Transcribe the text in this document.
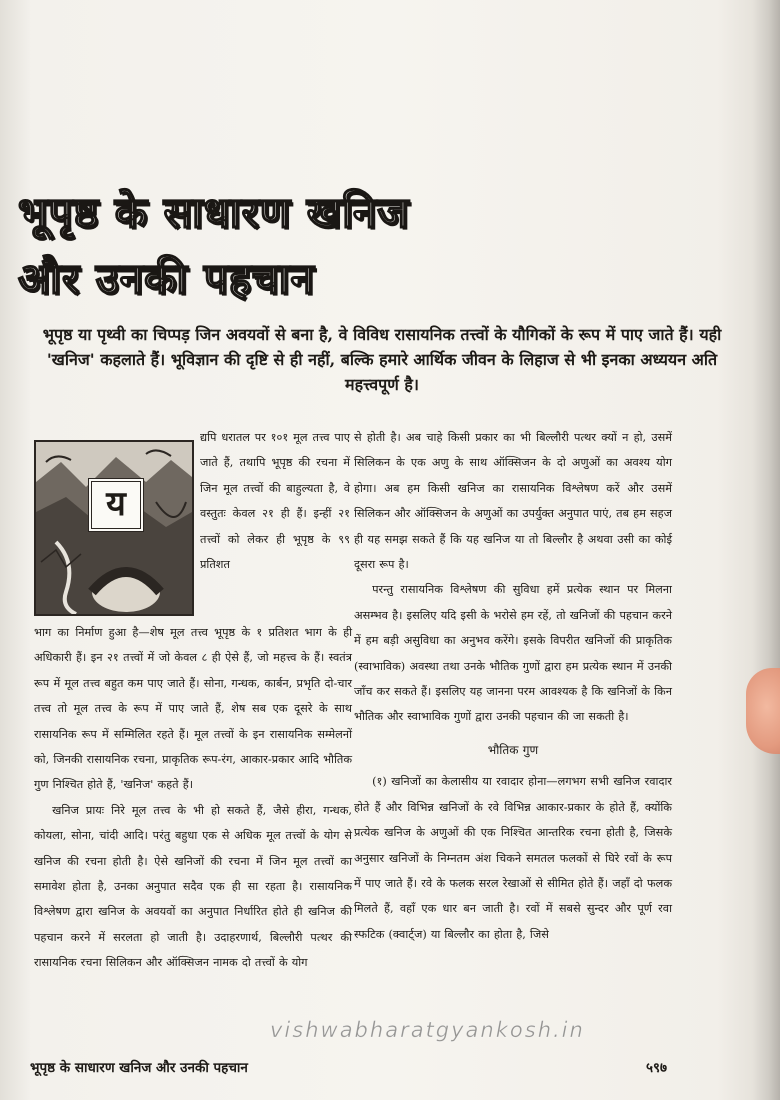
भूपृष्ठ के साधारण खनिज
और उनकी पहचान
भूपृष्ठ या पृथ्वी का चिप्पड़ जिन अवयवों से बना है, वे विविध रासायनिक तत्त्वों के यौगिकों के रूप में पाए जाते हैं। यही 'खनिज' कहलाते हैं। भूविज्ञान की दृष्टि से ही नहीं, बल्कि हमारे आर्थिक जीवन के लिहाज से भी इनका अध्ययन अति महत्त्वपूर्ण है।
य

द्यपि धरातल पर १०१ मूल तत्त्व पाए जाते हैं, तथापि भूपृष्ठ की रचना में जिन मूल तत्त्वों की बाहुल्यता है, वे वस्तुतः केवल २१ ही हैं। इन्हीं २१ तत्त्वों को लेकर ही भूपृष्ठ के ९९ प्रतिशत

भाग का निर्माण हुआ है—शेष मूल तत्त्व भूपृष्ठ के १ प्रतिशत भाग के ही अधिकारी हैं। इन २१ तत्त्वों में जो केवल ८ ही ऐसे हैं, जो महत्त्व के हैं। स्वतंत्र रूप में मूल तत्त्व बहुत कम पाए जाते हैं। सोना, गन्धक, कार्बन, प्रभृति दो-चार तत्त्व तो मूल तत्त्व के रूप में पाए जाते हैं, शेष सब एक दूसरे के साथ रासायनिक रूप में सम्मिलित रहते हैं। मूल तत्त्वों के इन रासायनिक सम्मेलनों को, जिनकी रासायनिक रचना, प्राकृतिक रूप-रंग, आकार-प्रकार आदि भौतिक गुण निश्चित होते हैं, 'खनिज' कहते हैं।

खनिज प्रायः निरे मूल तत्त्व के भी हो सकते हैं, जैसे हीरा, गन्धक, कोयला, सोना, चांदी आदि। परंतु बहुधा एक से अधिक मूल तत्त्वों के योग से खनिज की रचना होती है। ऐसे खनिजों की रचना में जिन मूल तत्त्वों का समावेश होता है, उनका अनुपात सदैव एक ही सा रहता है। रासायनिक विश्लेषण द्वारा खनिज के अवयवों का अनुपात निर्धारित होते ही खनिज की पहचान करने में सरलता हो जाती है। उदाहरणार्थ, बिल्लौरी पत्थर की रासायनिक रचना सिलिकन और ऑक्सिजन नामक दो तत्त्वों के योग

से होती है। अब चाहे किसी प्रकार का भी बिल्लौरी पत्थर क्यों न हो, उसमें सिलिकन के एक अणु के साथ ऑक्सिजन के दो अणुओं का अवश्य योग होगा। अब हम किसी खनिज का रासायनिक विश्लेषण करें और उसमें सिलिकन और ऑक्सिजन के अणुओं का उपर्युक्त अनुपात पाएं, तब हम सहज ही यह समझ सकते हैं कि यह खनिज या तो बिल्लौर है अथवा उसी का कोई दूसरा रूप है।

परन्तु रासायनिक विश्लेषण की सुविधा हमें प्रत्येक स्थान पर मिलना असम्भव है। इसलिए यदि इसी के भरोसे हम रहें, तो खनिजों की पहचान करने में हम बड़ी असुविधा का अनुभव करेंगे। इसके विपरीत खनिजों की प्राकृतिक (स्वाभाविक) अवस्था तथा उनके भौतिक गुणों द्वारा हम प्रत्येक स्थान में उनकी जाँच कर सकते हैं। इसलिए यह जानना परम आवश्यक है कि खनिजों के किन भौतिक और स्वाभाविक गुणों द्वारा उनकी पहचान की जा सकती है।

भौतिक गुण

(१) खनिजों का केलासीय या रवादार होना—लगभग सभी खनिज रवादार होते हैं और विभिन्न खनिजों के रवे विभिन्न आकार-प्रकार के होते हैं, क्योंकि प्रत्येक खनिज के अणुओं की एक निश्चित आन्तरिक रचना होती है, जिसके अनुसार खनिजों के निम्नतम अंश चिकने समतल फलकों से घिरे रवों के रूप में पाए जाते हैं। रवे के फलक सरल रेखाओं से सीमित होते हैं। जहाँ दो फलक मिलते हैं, वहाँ एक धार बन जाती है। रवों में सबसे सुन्दर और पूर्ण रवा स्फटिक (क्वार्ट्ज) या बिल्लौर का होता है, जिसे

vishwabharatgyankosh.in
भूपृष्ठ के साधारण खनिज और उनकी पहचान	५९७
